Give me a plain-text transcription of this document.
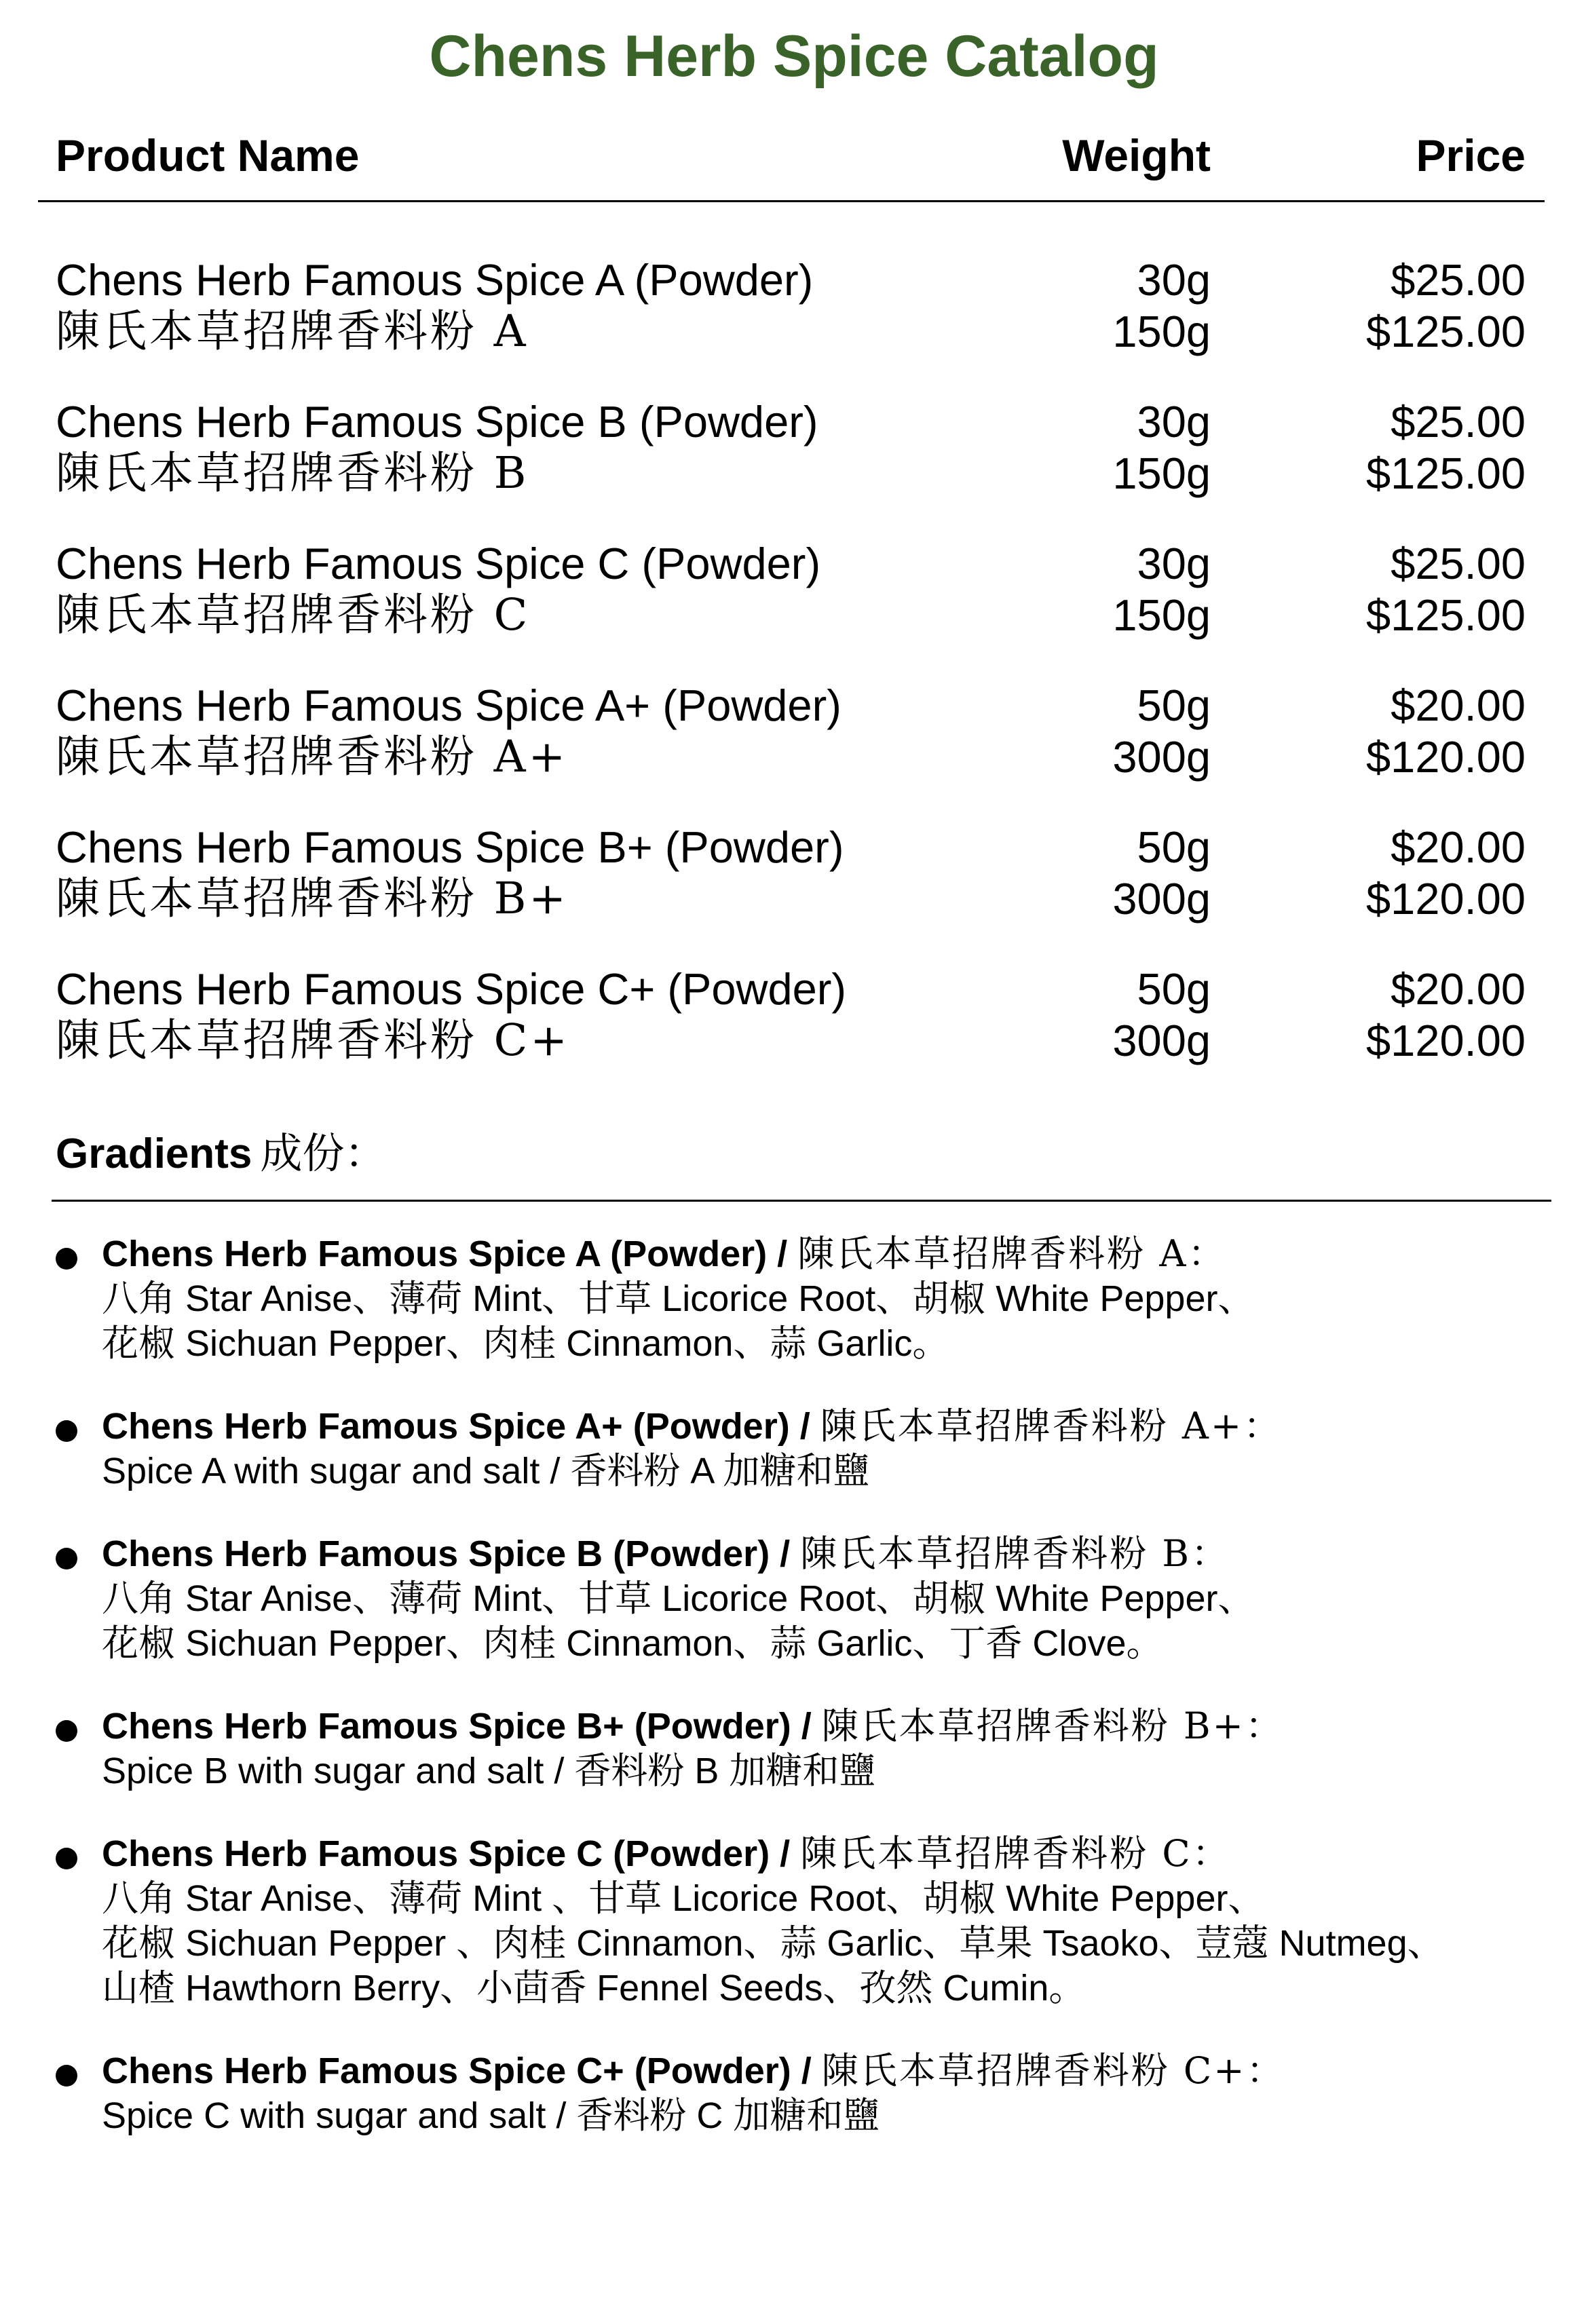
Chens Herb Spice Catalog
Product Name	Weight	Price
Chens Herb Famous Spice A (Powder)	30g	$25.00
陳氏本草招牌香料粉 A	150g	$125.00
Chens Herb Famous Spice B (Powder)	30g	$25.00
陳氏本草招牌香料粉 B	150g	$125.00
Chens Herb Famous Spice C (Powder)	30g	$25.00
陳氏本草招牌香料粉 C	150g	$125.00
Chens Herb Famous Spice A+ (Powder)	50g	$20.00
陳氏本草招牌香料粉 A+	300g	$120.00
Chens Herb Famous Spice B+ (Powder)	50g	$20.00
陳氏本草招牌香料粉 B+	300g	$120.00
Chens Herb Famous Spice C+ (Powder)	50g	$20.00
陳氏本草招牌香料粉 C+	300g	$120.00
Gradients 成份：
Chens Herb Famous Spice A (Powder) / 陳氏本草招牌香料粉 A：
八角 Star Anise、薄荷 Mint、甘草 Licorice Root、胡椒 White Pepper、
花椒 Sichuan Pepper、肉桂 Cinnamon、蒜 Garlic。
Chens Herb Famous Spice A+ (Powder) / 陳氏本草招牌香料粉 A+：
Spice A with sugar and salt / 香料粉 A 加糖和鹽
Chens Herb Famous Spice B (Powder) / 陳氏本草招牌香料粉 B：
八角 Star Anise、薄荷 Mint、甘草 Licorice Root、胡椒 White Pepper、
花椒 Sichuan Pepper、肉桂 Cinnamon、蒜 Garlic、丁香 Clove。
Chens Herb Famous Spice B+ (Powder) / 陳氏本草招牌香料粉 B+：
Spice B with sugar and salt / 香料粉 B 加糖和鹽
Chens Herb Famous Spice C (Powder) / 陳氏本草招牌香料粉 C：
八角 Star Anise、薄荷 Mint 、甘草 Licorice Root、胡椒 White Pepper、
花椒 Sichuan Pepper 、肉桂 Cinnamon、蒜 Garlic、草果 Tsaoko、荳蔻 Nutmeg、
山楂 Hawthorn Berry、小茴香 Fennel Seeds、孜然 Cumin。
Chens Herb Famous Spice C+ (Powder) / 陳氏本草招牌香料粉 C+：
Spice C with sugar and salt / 香料粉 C 加糖和鹽
